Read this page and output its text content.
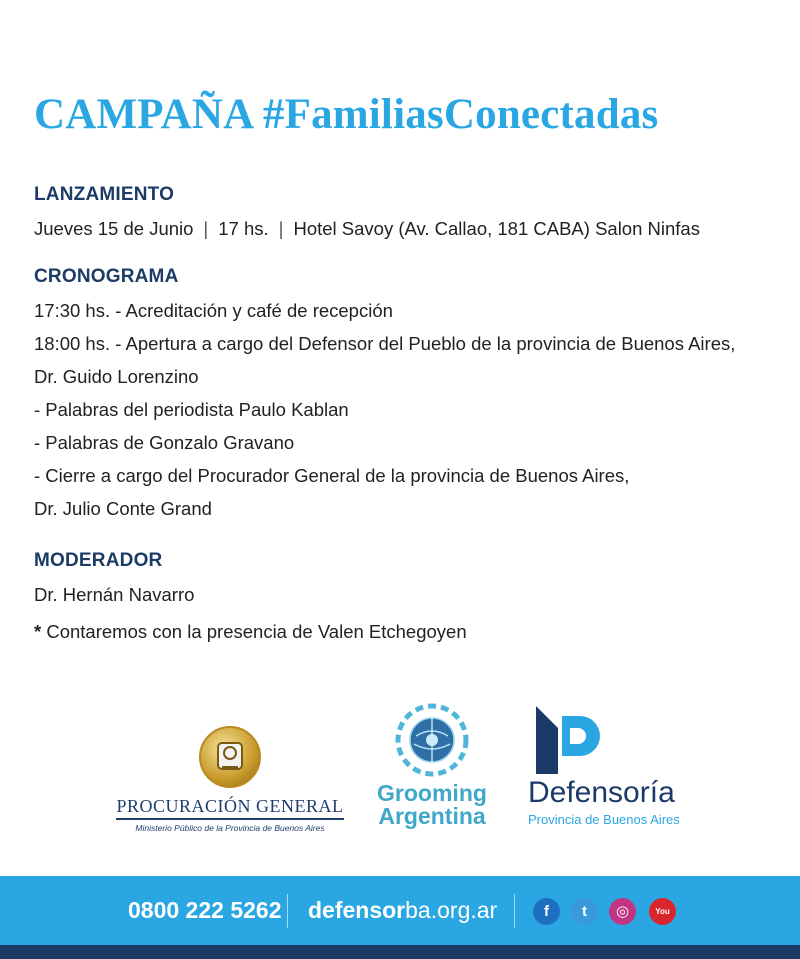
CAMPAÑA #FamiliasConectadas
LANZAMIENTO
Jueves 15 de Junio | 17 hs. | Hotel Savoy (Av. Callao, 181 CABA) Salon Ninfas
CRONOGRAMA
17:30 hs. - Acreditación y café de recepción
18:00 hs. - Apertura a cargo del Defensor del Pueblo de la provincia de Buenos Aires,
Dr. Guido Lorenzino
- Palabras del periodista Paulo Kablan
- Palabras de Gonzalo Gravano
- Cierre a cargo del Procurador General de la provincia de Buenos Aires,
Dr. Julio Conte Grand
MODERADOR
Dr. Hernán Navarro
* Contaremos con la presencia de Valen Etchegoyen
PROCURACIÓN GENERAL
Ministerio Público de la Provincia de Buenos Aires
Grooming
Argentina
Defensoría
Provincia de Buenos Aires
0800 222 5262 defensorba.org.ar	f	t	◎	You
